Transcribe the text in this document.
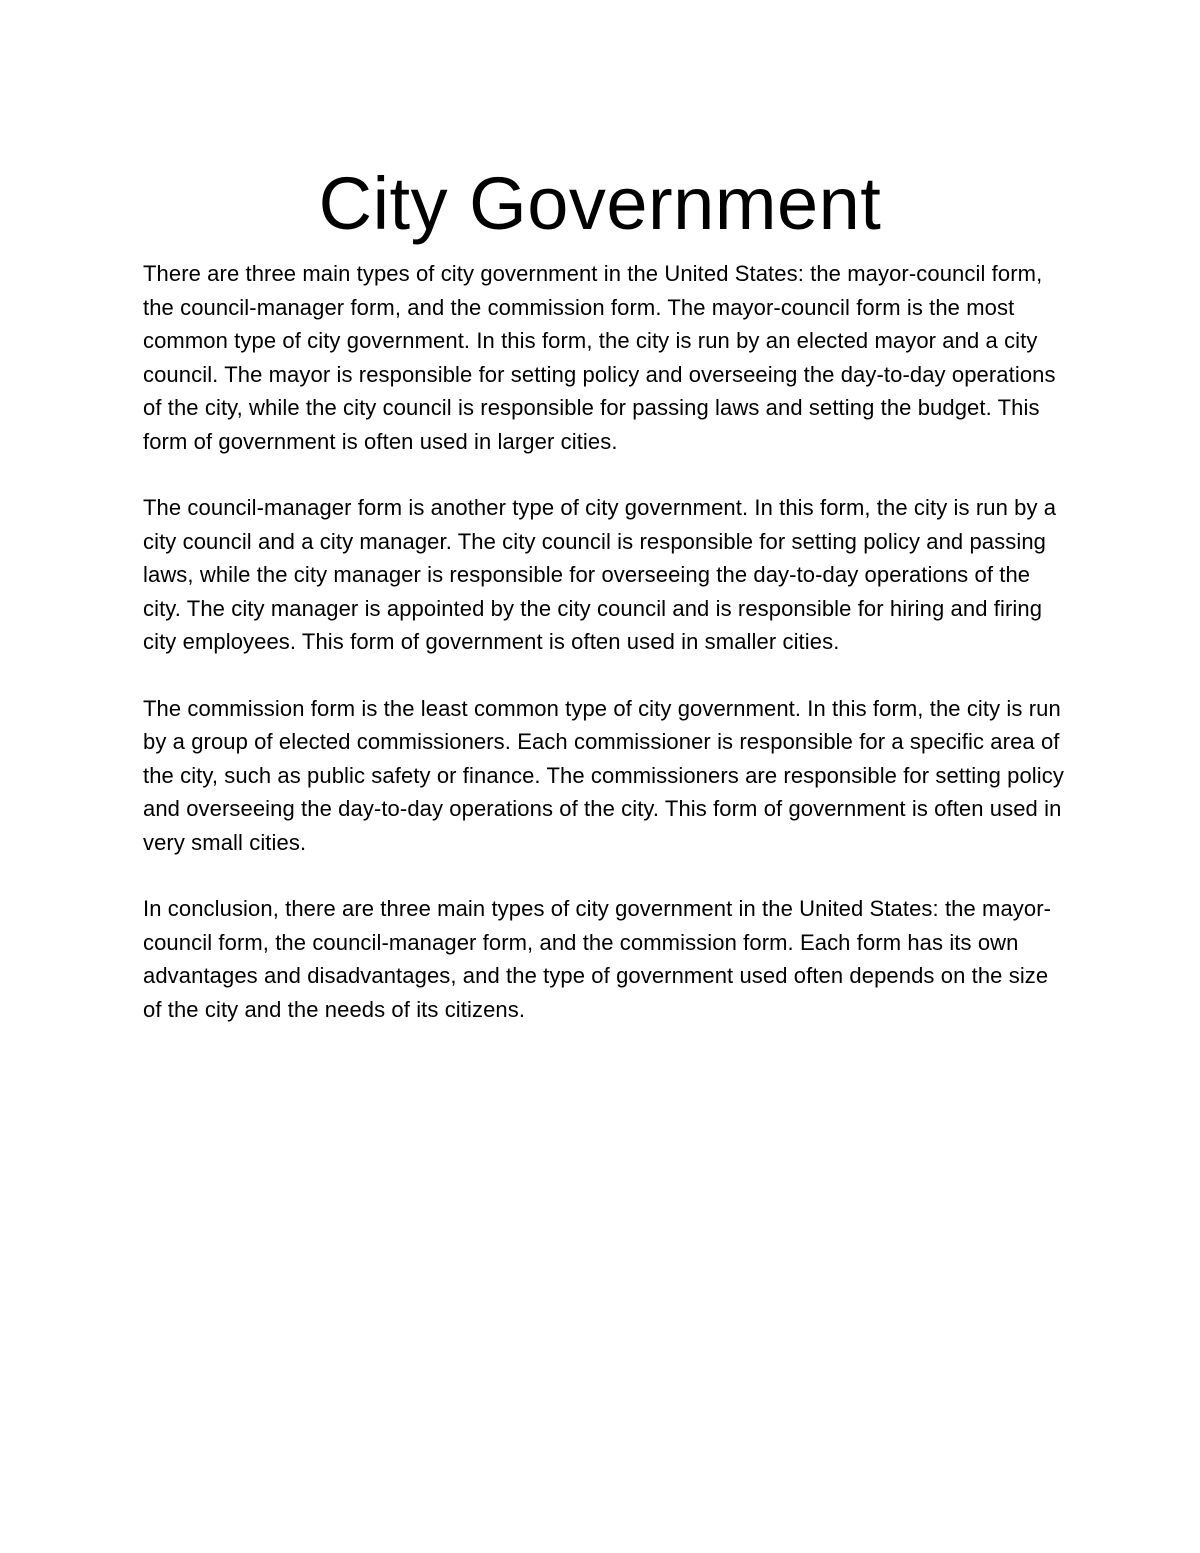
City Government

There are three main types of city government in the United States: the mayor-council form, the council-manager form, and the commission form. The mayor-council form is the most common type of city government. In this form, the city is run by an elected mayor and a city council. The mayor is responsible for setting policy and overseeing the day-to-day operations of the city, while the city council is responsible for passing laws and setting the budget. This form of government is often used in larger cities.

The council-manager form is another type of city government. In this form, the city is run by a city council and a city manager. The city council is responsible for setting policy and passing laws, while the city manager is responsible for overseeing the day-to-day operations of the city. The city manager is appointed by the city council and is responsible for hiring and firing city employees. This form of government is often used in smaller cities.

The commission form is the least common type of city government. In this form, the city is run by a group of elected commissioners. Each commissioner is responsible for a specific area of the city, such as public safety or finance. The commissioners are responsible for setting policy and overseeing the day-to-day operations of the city. This form of government is often used in very small cities.

In conclusion, there are three main types of city government in the United States: the mayor-council form, the council-manager form, and the commission form. Each form has its own advantages and disadvantages, and the type of government used often depends on the size of the city and the needs of its citizens.
